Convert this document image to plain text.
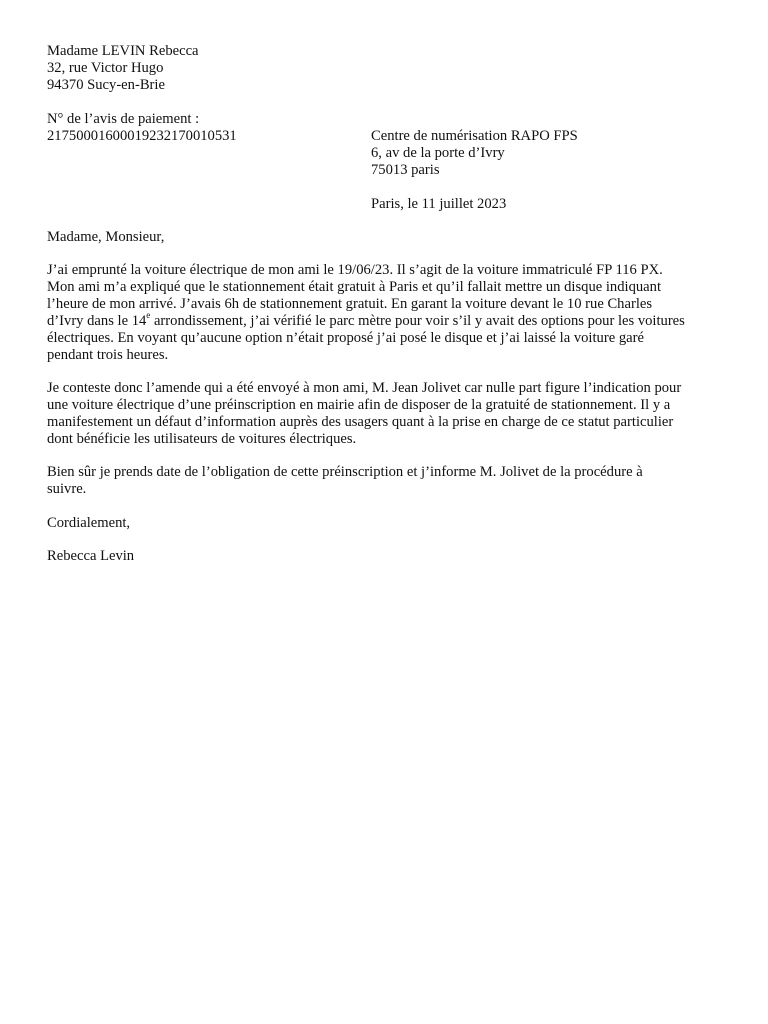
Madame LEVIN Rebecca
32, rue Victor Hugo
94370 Sucy-en-Brie
N° de l’avis de paiement :
21750001600019232170010531	Centre de numérisation RAPO FPS
6, av de la porte d’Ivry
75013 paris
Paris, le 11 juillet 2023
Madame, Monsieur,
J’ai emprunté la voiture électrique de mon ami le 19/06/23. Il s’agit de la voiture immatriculé FP 116 PX.
Mon ami m’a expliqué que le stationnement était gratuit à Paris et qu’il fallait mettre un disque indiquant
l’heure de mon arrivé. J’avais 6h de stationnement gratuit. En garant la voiture devant le 10 rue Charles
d’Ivry dans le 14e arrondissement, j’ai vérifié le parc mètre pour voir s’il y avait des options pour les voitures
électriques. En voyant qu’aucune option n’était proposé j’ai posé le disque et j’ai laissé la voiture garé
pendant trois heures.
Je conteste donc l’amende qui a été envoyé à mon ami, M. Jean Jolivet car nulle part figure l’indication pour
une voiture électrique d’une préinscription en mairie afin de disposer de la gratuité de stationnement. Il y a
manifestement un défaut d’information auprès des usagers quant à la prise en charge de ce statut particulier
dont bénéficie les utilisateurs de voitures électriques.
Bien sûr je prends date de l’obligation de cette préinscription et j’informe M. Jolivet de la procédure à
suivre.
Cordialement,
Rebecca Levin
